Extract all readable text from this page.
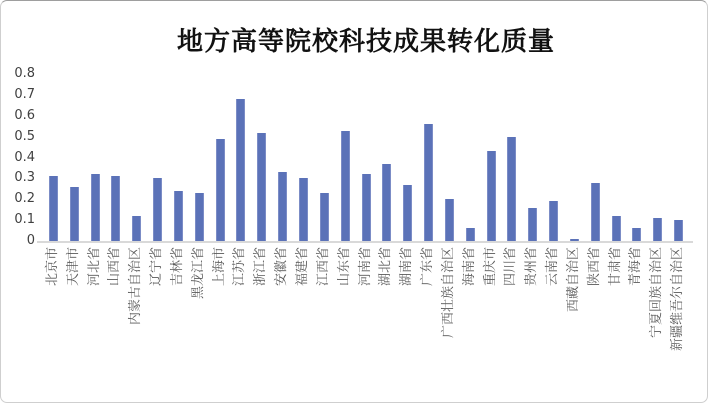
地方高等院校科技成果转化质量
0.8
0.7
0.6
0.5
0.4
0.3
0.2
0.1
0
北京市 天津市 河北省 山西省 内蒙古自治区 辽宁省 吉林省 黑龙江省 上海市 江苏省 浙江省 安徽省 福建省 江西省 山东省 河南省 湖北省 湖南省 广东省 广西壮族自治区 海南省 重庆市 四川省 贵州省 云南省 西藏自治区 陕西省 甘肃省 青海省 宁夏回族自治区 新疆维吾尔自治区
